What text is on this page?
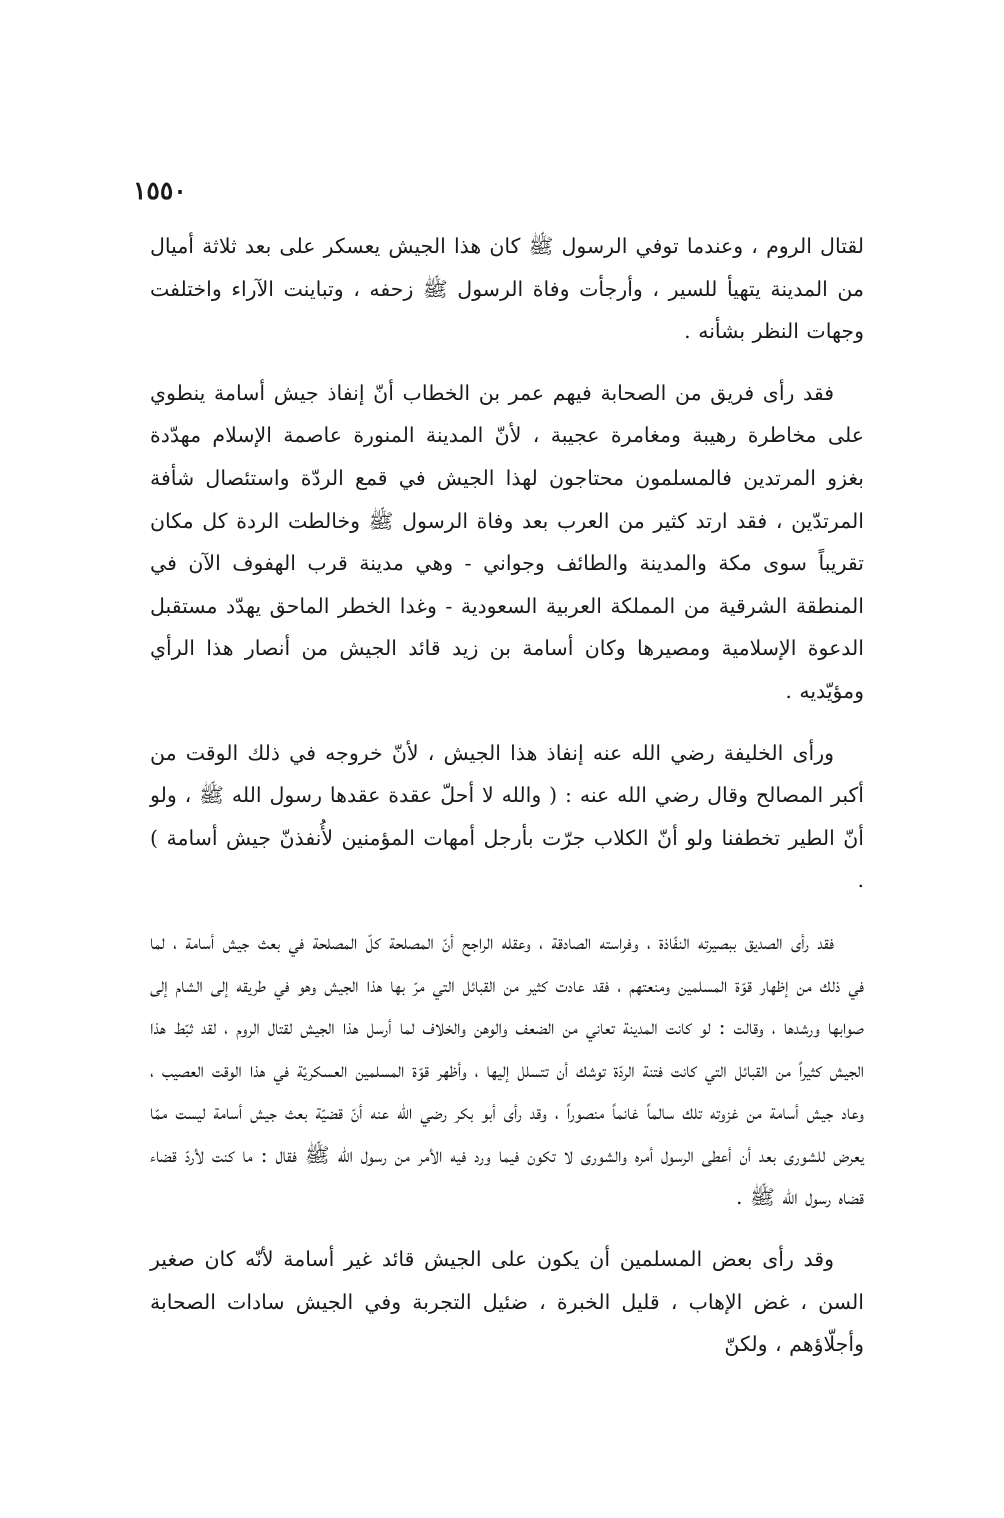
١٥٥٠

لقتال الروم ، وعندما توفي الرسول ﷺ كان هذا الجيش يعسكر على بعد ثلاثة أميال من المدينة يتهيأ للسير ، وأرجأت وفاة الرسول ﷺ زحفه ، وتباينت الآراء واختلفت وجهات النظر بشأنه .

فقد رأى فريق من الصحابة فيهم عمر بن الخطاب أنّ إنفاذ جيش أسامة ينطوي على مخاطرة رهيبة ومغامرة عجيبة ، لأنّ المدينة المنورة عاصمة الإسلام مهدّدة بغزو المرتدين فالمسلمون محتاجون لهذا الجيش في قمع الردّة واستئصال شأفة المرتدّين ، فقد ارتد كثير من العرب بعد وفاة الرسول ﷺ وخالطت الردة كل مكان تقريباً سوى مكة والمدينة والطائف وجواني - وهي مدينة قرب الهفوف الآن في المنطقة الشرقية من المملكة العربية السعودية - وغدا الخطر الماحق يهدّد مستقبل الدعوة الإسلامية ومصيرها وكان أسامة بن زيد قائد الجيش من أنصار هذا الرأي ومؤيّديه .

ورأى الخليفة رضي الله عنه إنفاذ هذا الجيش ، لأنّ خروجه في ذلك الوقت من أكبر المصالح وقال رضي الله عنه : ( والله لا أحلّ عقدة عقدها رسول الله ﷺ ، ولو أنّ الطير تخطفنا ولو أنّ الكلاب جرّت بأرجل أمهات المؤمنين لأُنفذنّ جيش أسامة ) .

فقد رأى الصديق ببصيرته النفّاذة ، وفراسته الصادقة ، وعقله الراجح أنّ المصلحة كلّ المصلحة في بعث جيش أسامة ، لما في ذلك من إظهار قوّة المسلمين ومنعتهم ، فقد عادت كثير من القبائل التي مرّ بها هذا الجيش وهو في طريقه إلى الشام إلى صوابها ورشدها ، وقالت : لو كانت المدينة تعاني من الضعف والوهن والخلاف لما أرسل هذا الجيش لقتال الروم ، لقد ثبّط هذا الجيش كثيراً من القبائل التي كانت فتنة الردّة توشك أن تتسلل إليها ، وأظهر قوّة المسلمين العسكريّة في هذا الوقت العصيب ، وعاد جيش أسامة من غزوته تلك سالماً غانماً منصوراً ، وقد رأى أبو بكر رضي الله عنه أنّ قضيّة بعث جيش أسامة ليست ممّا يعرض للشورى بعد أن أعطى الرسول أمره والشورى لا تكون فيما ورد فيه الأمر من رسول الله ﷺ فقال : ما كنت لأردّ قضاء قضاه رسول الله ﷺ .

وقد رأى بعض المسلمين أن يكون على الجيش قائد غير أسامة لأنّه كان صغير السن ، غض الإهاب ، قليل الخبرة ، ضئيل التجربة وفي الجيش سادات الصحابة وأجلّاؤهم ، ولكنّ
